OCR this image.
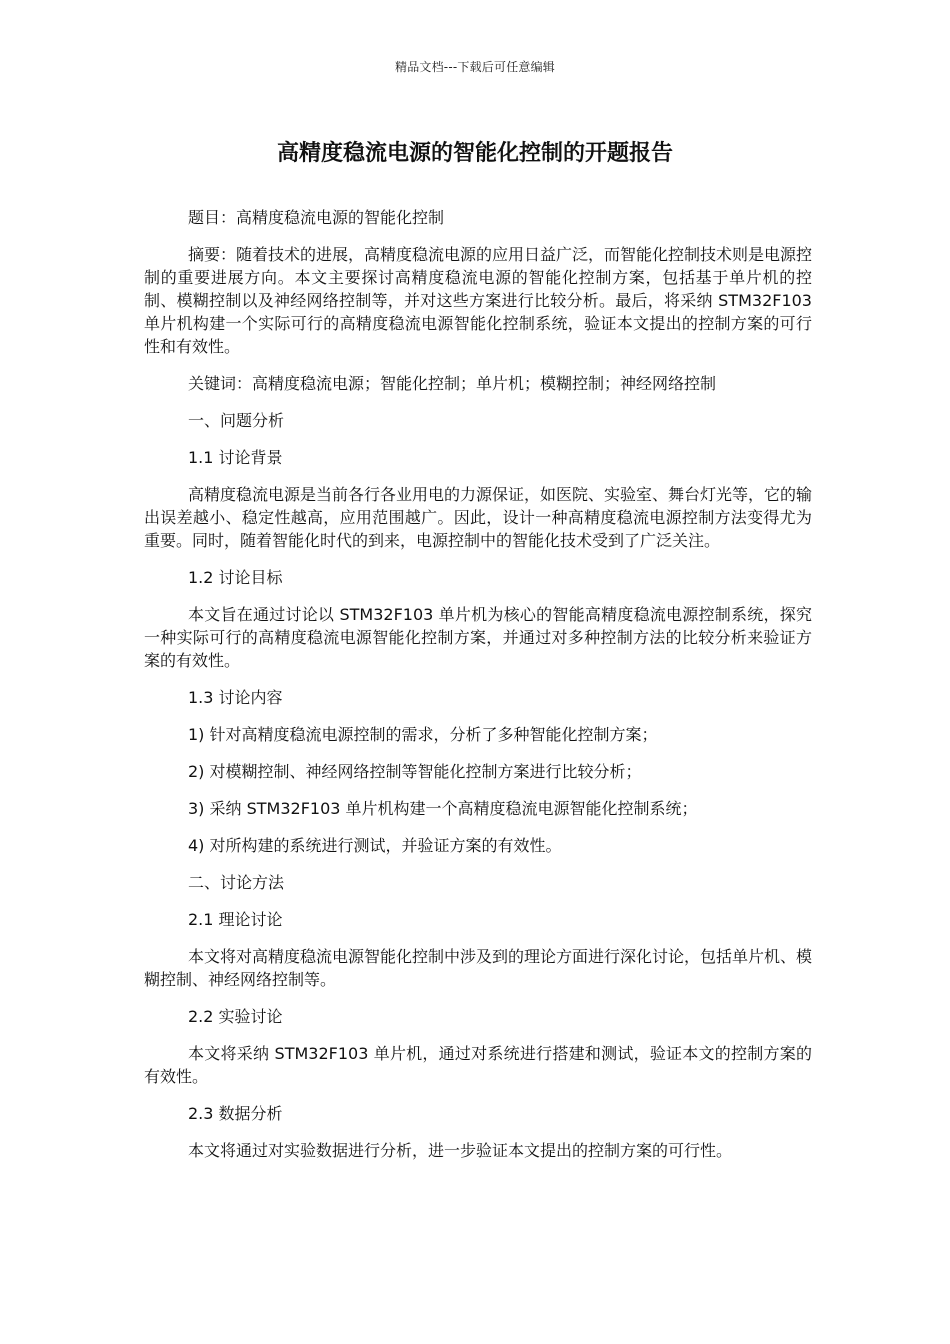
精品文档---下载后可任意编辑
高精度稳流电源的智能化控制的开题报告

题目：高精度稳流电源的智能化控制

摘要：随着技术的进展，高精度稳流电源的应用日益广泛，而智能化控制技术则是电源控制的重要进展方向。本文主要探讨高精度稳流电源的智能化控制方案，包括基于单片机的控制、模糊控制以及神经网络控制等，并对这些方案进行比较分析。最后，将采纳 STM32F103 单片机构建一个实际可行的高精度稳流电源智能化控制系统，验证本文提出的控制方案的可行性和有效性。

关键词：高精度稳流电源；智能化控制；单片机；模糊控制；神经网络控制

一、问题分析

1.1 讨论背景

高精度稳流电源是当前各行各业用电的力源保证，如医院、实验室、舞台灯光等，它的输出误差越小、稳定性越高，应用范围越广。因此，设计一种高精度稳流电源控制方法变得尤为重要。同时，随着智能化时代的到来，电源控制中的智能化技术受到了广泛关注。

1.2 讨论目标

本文旨在通过讨论以 STM32F103 单片机为核心的智能高精度稳流电源控制系统，探究一种实际可行的高精度稳流电源智能化控制方案，并通过对多种控制方法的比较分析来验证方案的有效性。

1.3 讨论内容

1) 针对高精度稳流电源控制的需求，分析了多种智能化控制方案；

2) 对模糊控制、神经网络控制等智能化控制方案进行比较分析；

3) 采纳 STM32F103 单片机构建一个高精度稳流电源智能化控制系统；

4) 对所构建的系统进行测试，并验证方案的有效性。

二、讨论方法

2.1 理论讨论

本文将对高精度稳流电源智能化控制中涉及到的理论方面进行深化讨论，包括单片机、模糊控制、神经网络控制等。

2.2 实验讨论

本文将采纳 STM32F103 单片机，通过对系统进行搭建和测试，验证本文的控制方案的有效性。

2.3 数据分析

本文将通过对实验数据进行分析，进一步验证本文提出的控制方案的可行性。
